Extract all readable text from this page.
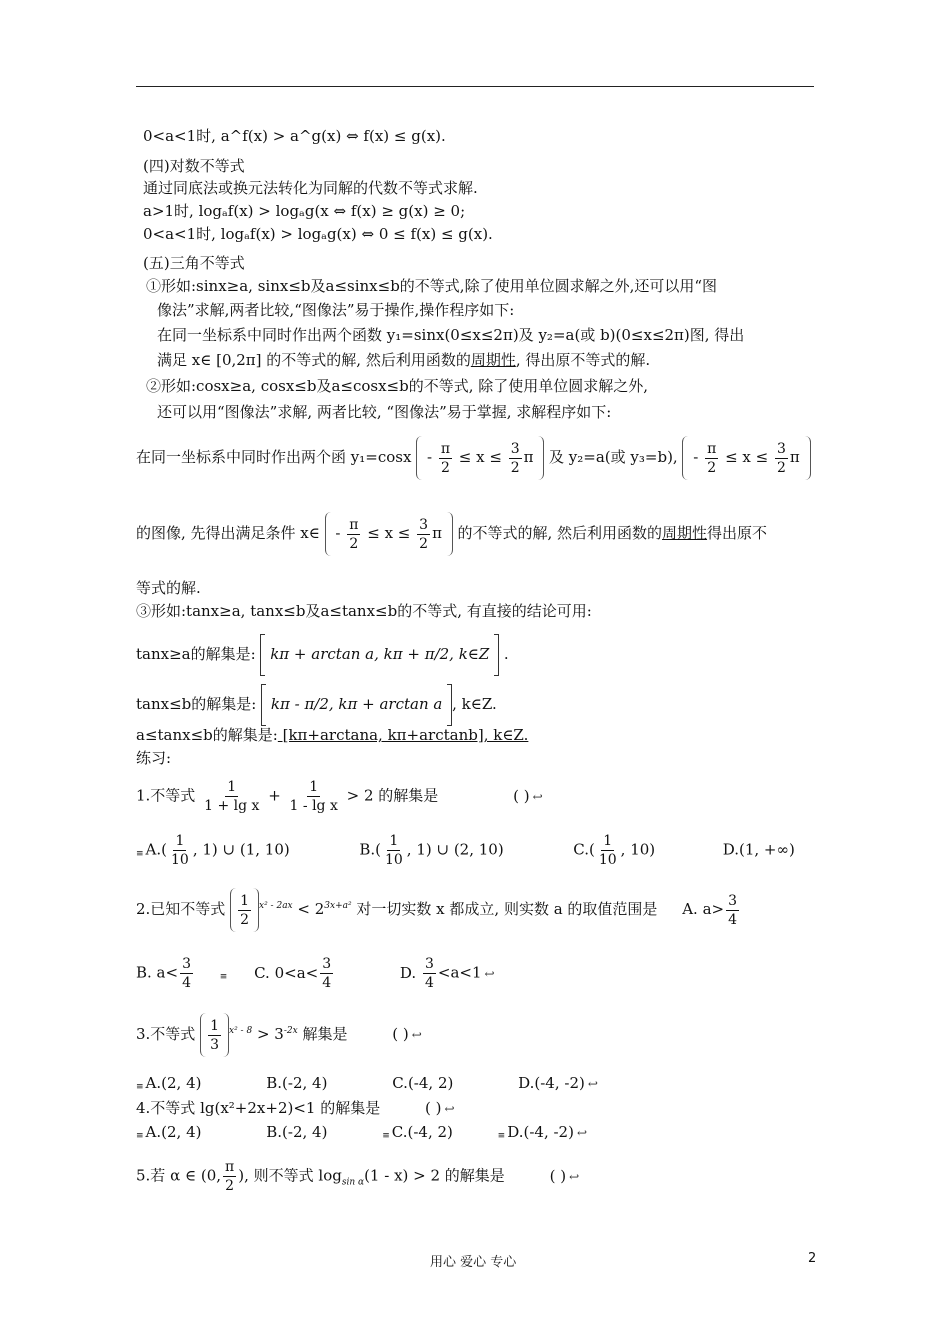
0<a<1时, a^f(x) > a^g(x) ⇔ f(x) ≤ g(x).
(四)对数不等式
通过同底法或换元法转化为同解的代数不等式求解.
a>1时, logₐf(x) > logₐg(x ⇔ f(x) ≥ g(x) ≥ 0;
0<a<1时, logₐf(x) > logₐg(x) ⇔ 0 ≤ f(x) ≤ g(x).
(五)三角不等式
①形如:sinx≥a, sinx≤b及a≤sinx≤b的不等式,除了使用单位圆求解之外,还可以用“图
像法”求解,两者比较,“图像法”易于操作,操作程序如下:
在同一坐标系中同时作出两个函数 y₁=sinx(0≤x≤2π)及 y₂=a(或 b)(0≤x≤2π)图, 得出
满足 x∈ [0,2π] 的不等式的解, 然后利用函数的周期性, 得出原不等式的解.
②形如:cosx≥a, cosx≤b及a≤cosx≤b的不等式, 除了使用单位圆求解之外,
还可以用“图像法”求解, 两者比较, “图像法”易于掌握, 求解程序如下:
在同一坐标系中同时作出两个函 $y_1=\cos x - \frac{\pi}{2} \le x \le \frac{3}{2}$ π  及 y₂=a(或 y₃=b),  - $\frac{\pi}{2} \le x \le \frac{3}{2}$ π
的图像, 先得出满足条件 x∈  - $\frac{\pi}{2} \le x \le \frac{3}{2}$ π  的不等式的解, 然后利用函数的周期性得出原不
等式的解.
③形如:tanx≥a, tanx≤b及a≤tanx≤b的不等式, 有直接的结论可用:
tanx≥a的解集是: kπ + arctan a, kπ + π/2, k∈Z .
tanx≤b的解集是: kπ - π/2, kπ + arctan a , k∈Z.
a≤tanx≤b的解集是: [kπ+arctana, kπ+arctanb], k∈Z.
练习:
1.不等式 $\frac{1}{\text{1 + lg x}} + \frac{1}{\text{1 - lg x}} > 2$ 的解集是	( ) ↩
≡ $A.( \frac{1}{10}$ , 1) ∪ (1, 10)	$B.( \frac{1}{10}$ , 1) ∪ (2, 10)	$C.( \frac{1}{10}$ , 10)	D.(1, +∞)
2.已知不等式 $\frac{1}{2} ^{x^2 - 2ax} < 2^{3x+a^2}$ 对一切实数 x 都成立, 则实数 a 的取值范围是 A. $a> \frac{3}{4}$
B. $a< \frac{3}{4}$	≡ C. $0<a< \frac{3}{4}$	D. $\frac{3}{4} <a<1$ ↩
3.不等式 $\frac{1}{3} ^{x^2 - 8} > 3^{-2x}$ 解集是	( ) ↩
≡ A.(2, 4)	B.(-2, 4)	C.(-4, 2)	D.(-4, -2) ↩
4.不等式 lg(x²+2x+2)<1 的解集是	( ) ↩
≡ A.(2, 4)	B.(-2, 4)	≡ C.(-4, 2)	≡ D.(-4, -2) ↩
5.若 α ∈ (0, $\frac{\pi}{2}$ ), 则不等式 $\log_{sin \alpha}(1 - x) > 2$ 的解集是	( ) ↩
用心 爱心 专心	2
